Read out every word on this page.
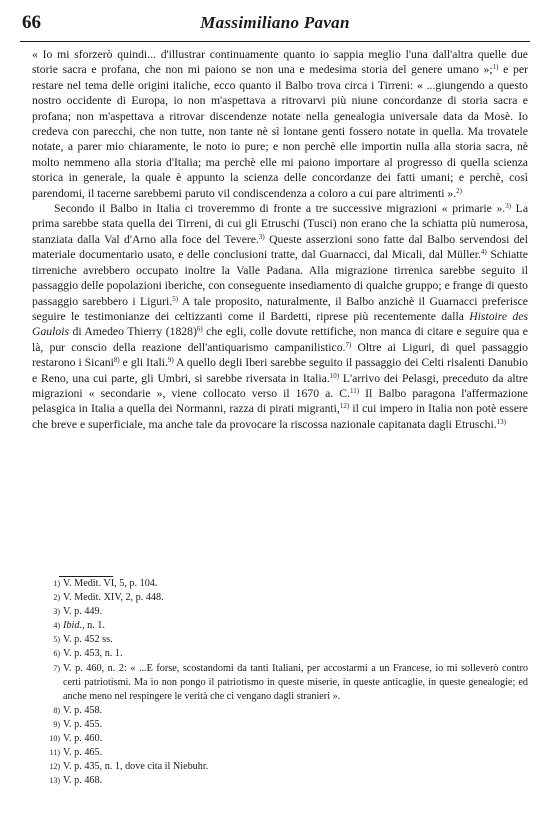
66	Massimiliano Pavan

« Io mi sforzerò quindi... d'illustrar continuamente quanto io sappia meglio l'una dall'altra quelle due storie sacra e profana, che non mi paiono se non una e medesima storia del genere umano »;$^{1)}$ e per restare nel tema delle origini italiche, ecco quanto il Balbo trova circa i Tirreni: « ...giungendo a questo nostro occidente di Europa, io non m'aspettava a ritrovarvi più niune concordanze di storia sacra e profana; non m'aspettava a ritrovar discendenze notate nella genealogia universale data da Mosè. Io credeva con parecchi, che non tutte, non tante nè sì lontane genti fossero notate in quella. Ma trovatele notate, a parer mio chiaramente, le noto io pure; e non perchè elle importin nulla alla storia sacra, nè molto nemmeno alla storia d'Italia; ma perchè elle mi paiono importare al progresso di quella scienza storica in generale, la quale è appunto la scienza delle concordanze dei fatti umani; e perchè, così parendomi, il tacerne sarebbemi paruto vil condiscendenza a coloro a cui pare altrimenti ».$^{2)}$

Secondo il Balbo in Italia ci troveremmo di fronte a tre successive migrazioni « primarie ».$^{3)}$ La prima sarebbe stata quella dei Tirreni, di cui gli Etruschi (Tusci) non erano che la schiatta più numerosa, stanziata dalla Val d'Arno alla foce del Tevere.$^{3)}$ Queste asserzioni sono fatte dal Balbo servendosi del materiale documentario usato, e delle conclusioni tratte, dal Guarnacci, dal Micali, dal Müller.$^{4)}$ Schiatte tirreniche avrebbero occupato inoltre la Valle Padana. Alla migrazione tirrenica sarebbe seguito il passaggio delle popolazioni iberiche, con conseguente insediamento di qualche gruppo; e frange di questo passaggio sarebbero i Liguri.$^{5)}$ A tale proposito, naturalmente, il Balbo anzichè il Guarnacci preferisce seguire le testimonianze dei celtizzanti come il Bardetti, riprese più recentemente dalla Histoire des Gaulois di Amedeo Thierry $(1828)^{6)}$ che egli, colle dovute rettifiche, non manca di citare e seguire qua e là, pur conscio della reazione dell'antiquarismo campanilistico.$^{7)}$ Oltre ai Liguri, di quel passaggio restarono i Sicani$^{8)}$ e gli Itali.$^{9)}$ A quello degli Iberi sarebbe seguito il passaggio dei Celti risalenti Danubio e Reno, una cui parte, gli Umbri, si sarebbe riversata in Italia.$^{10)}$ L'arrivo dei Pelasgi, preceduto da altre migrazioni « secondarie », viene collocato verso il 1670 a. C.$^{11)}$ Il Balbo paragona l'affermazione pelasgica in Italia a quella dei Normanni, razza di pirati migranti,$^{12)}$ il cui impero in Italia non potè essere che breve e superficiale, ma anche tale da provocare la riscossa nazionale capitanata dagli Etruschi.$^{13)}$

1) V. Medit. VI, 5, p. 104.
2) V. Medit. XIV, 2, p. 448.
3) V. p. 449.
4) Ibid., n. 1.
5) V. p. 452 ss.
6) V. p. 453, n. 1.
7) V. p. 460, n. 2: « ...E forse, scostandomi da tanti Italiani, per accostarmi a un Francese, io mi solleverò contro certi patriotismi. Ma io non pongo il patriotismo in queste miserie, in queste anticaglie, in queste genealogie; ed anche meno nel respingere le verità che ci vengano dagli stranieri ».
8) V. p. 458.
9) V. p. 455.
10) V. p. 460.
11) V. p. 465.
12) V. p. 435, n. 1, dove cita il Niebuhr.
13) V. p. 468.
